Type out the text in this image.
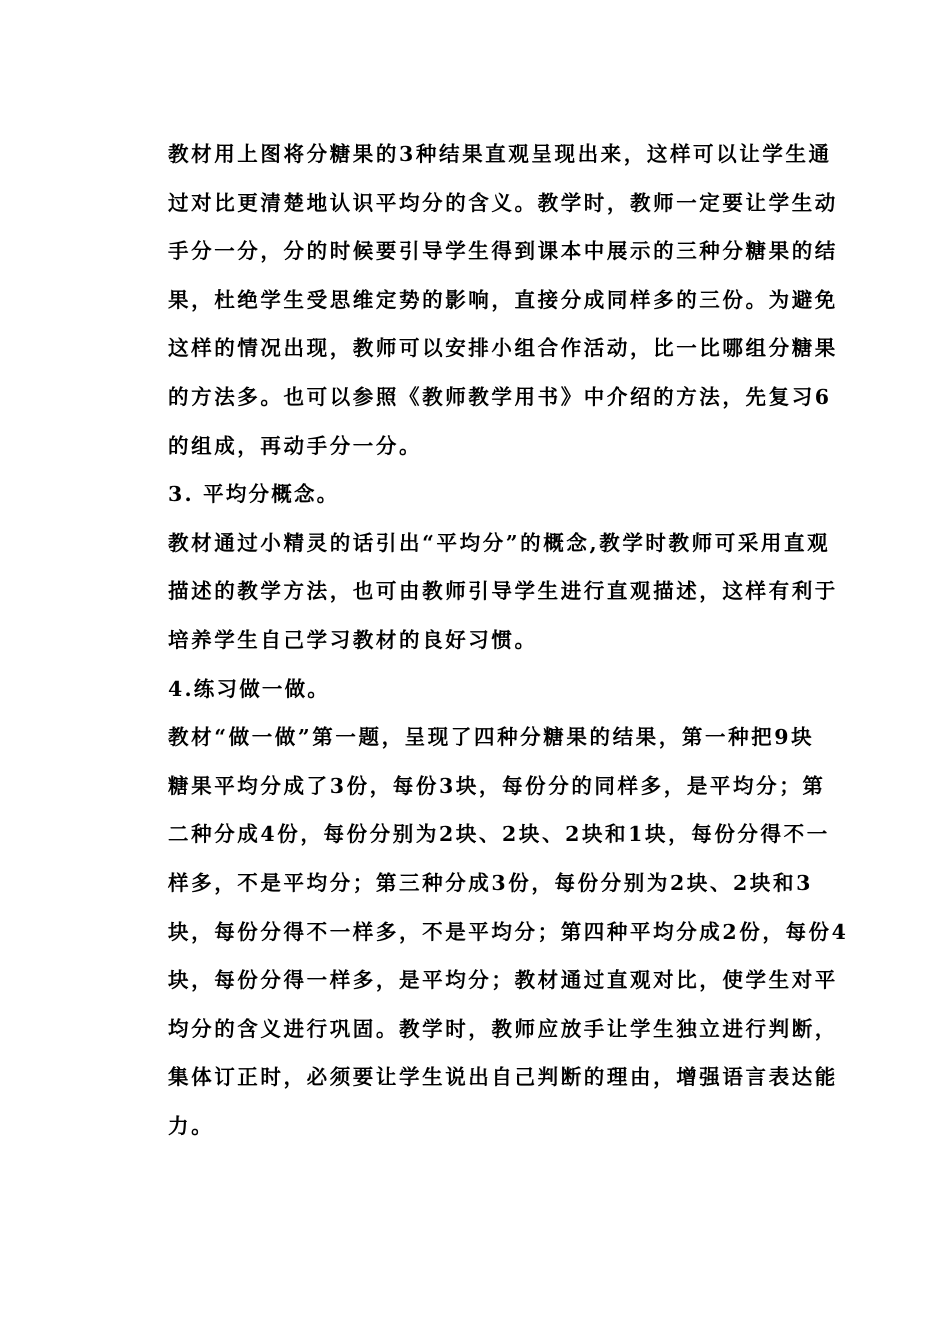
教材用上图将分糖果的3种结果直观呈现出来，这样可以让学生通
过对比更清楚地认识平均分的含义。教学时，教师一定要让学生动
手分一分，分的时候要引导学生得到课本中展示的三种分糖果的结
果，杜绝学生受思维定势的影响，直接分成同样多的三份。为避免
这样的情况出现，教师可以安排小组合作活动，比一比哪组分糖果
的方法多。也可以参照《教师教学用书》中介绍的方法，先复习6
的组成，再动手分一分。
3. 平均分概念。
教材通过小精灵的话引出“平均分”的概念,教学时教师可采用直观
描述的教学方法，也可由教师引导学生进行直观描述，这样有利于
培养学生自己学习教材的良好习惯。
4.练习做一做。
教材“做一做”第一题，呈现了四种分糖果的结果，第一种把9块
糖果平均分成了3份，每份3块，每份分的同样多，是平均分；第
二种分成4份，每份分别为2块、2块、2块和1块，每份分得不一
样多，不是平均分；第三种分成3份，每份分别为2块、2块和3
块，每份分得不一样多，不是平均分；第四种平均分成2份，每份4
块，每份分得一样多，是平均分；教材通过直观对比，使学生对平
均分的含义进行巩固。教学时，教师应放手让学生独立进行判断，
集体订正时，必须要让学生说出自己判断的理由，增强语言表达能
力。
